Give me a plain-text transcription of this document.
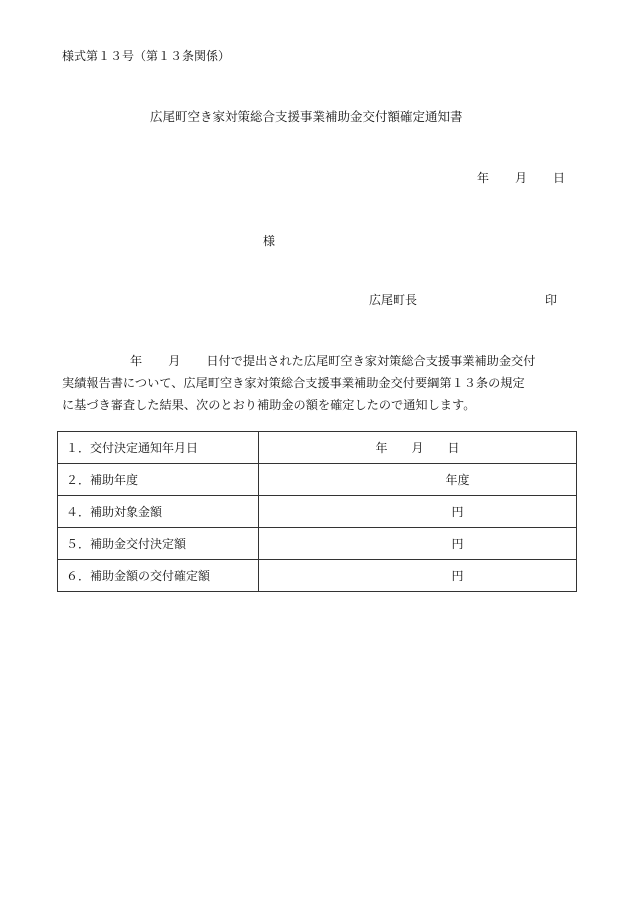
様式第１３号（第１３条関係）
広尾町空き家対策総合支援事業補助金交付額確定通知書
年 月 日
様
広尾町長	印
年 月 日付で提出された広尾町空き家対策総合支援事業補助金交付
実績報告書について、広尾町空き家対策総合支援事業補助金交付要綱第１３条の規定
に基づき審査した結果、次のとおり補助金の額を確定したので通知します。
１．交付決定通知年月日	年　　月　　日
２．補助年度	年度
４．補助対象金額	円
５．補助金交付決定額	円
６．補助金額の交付確定額	円
